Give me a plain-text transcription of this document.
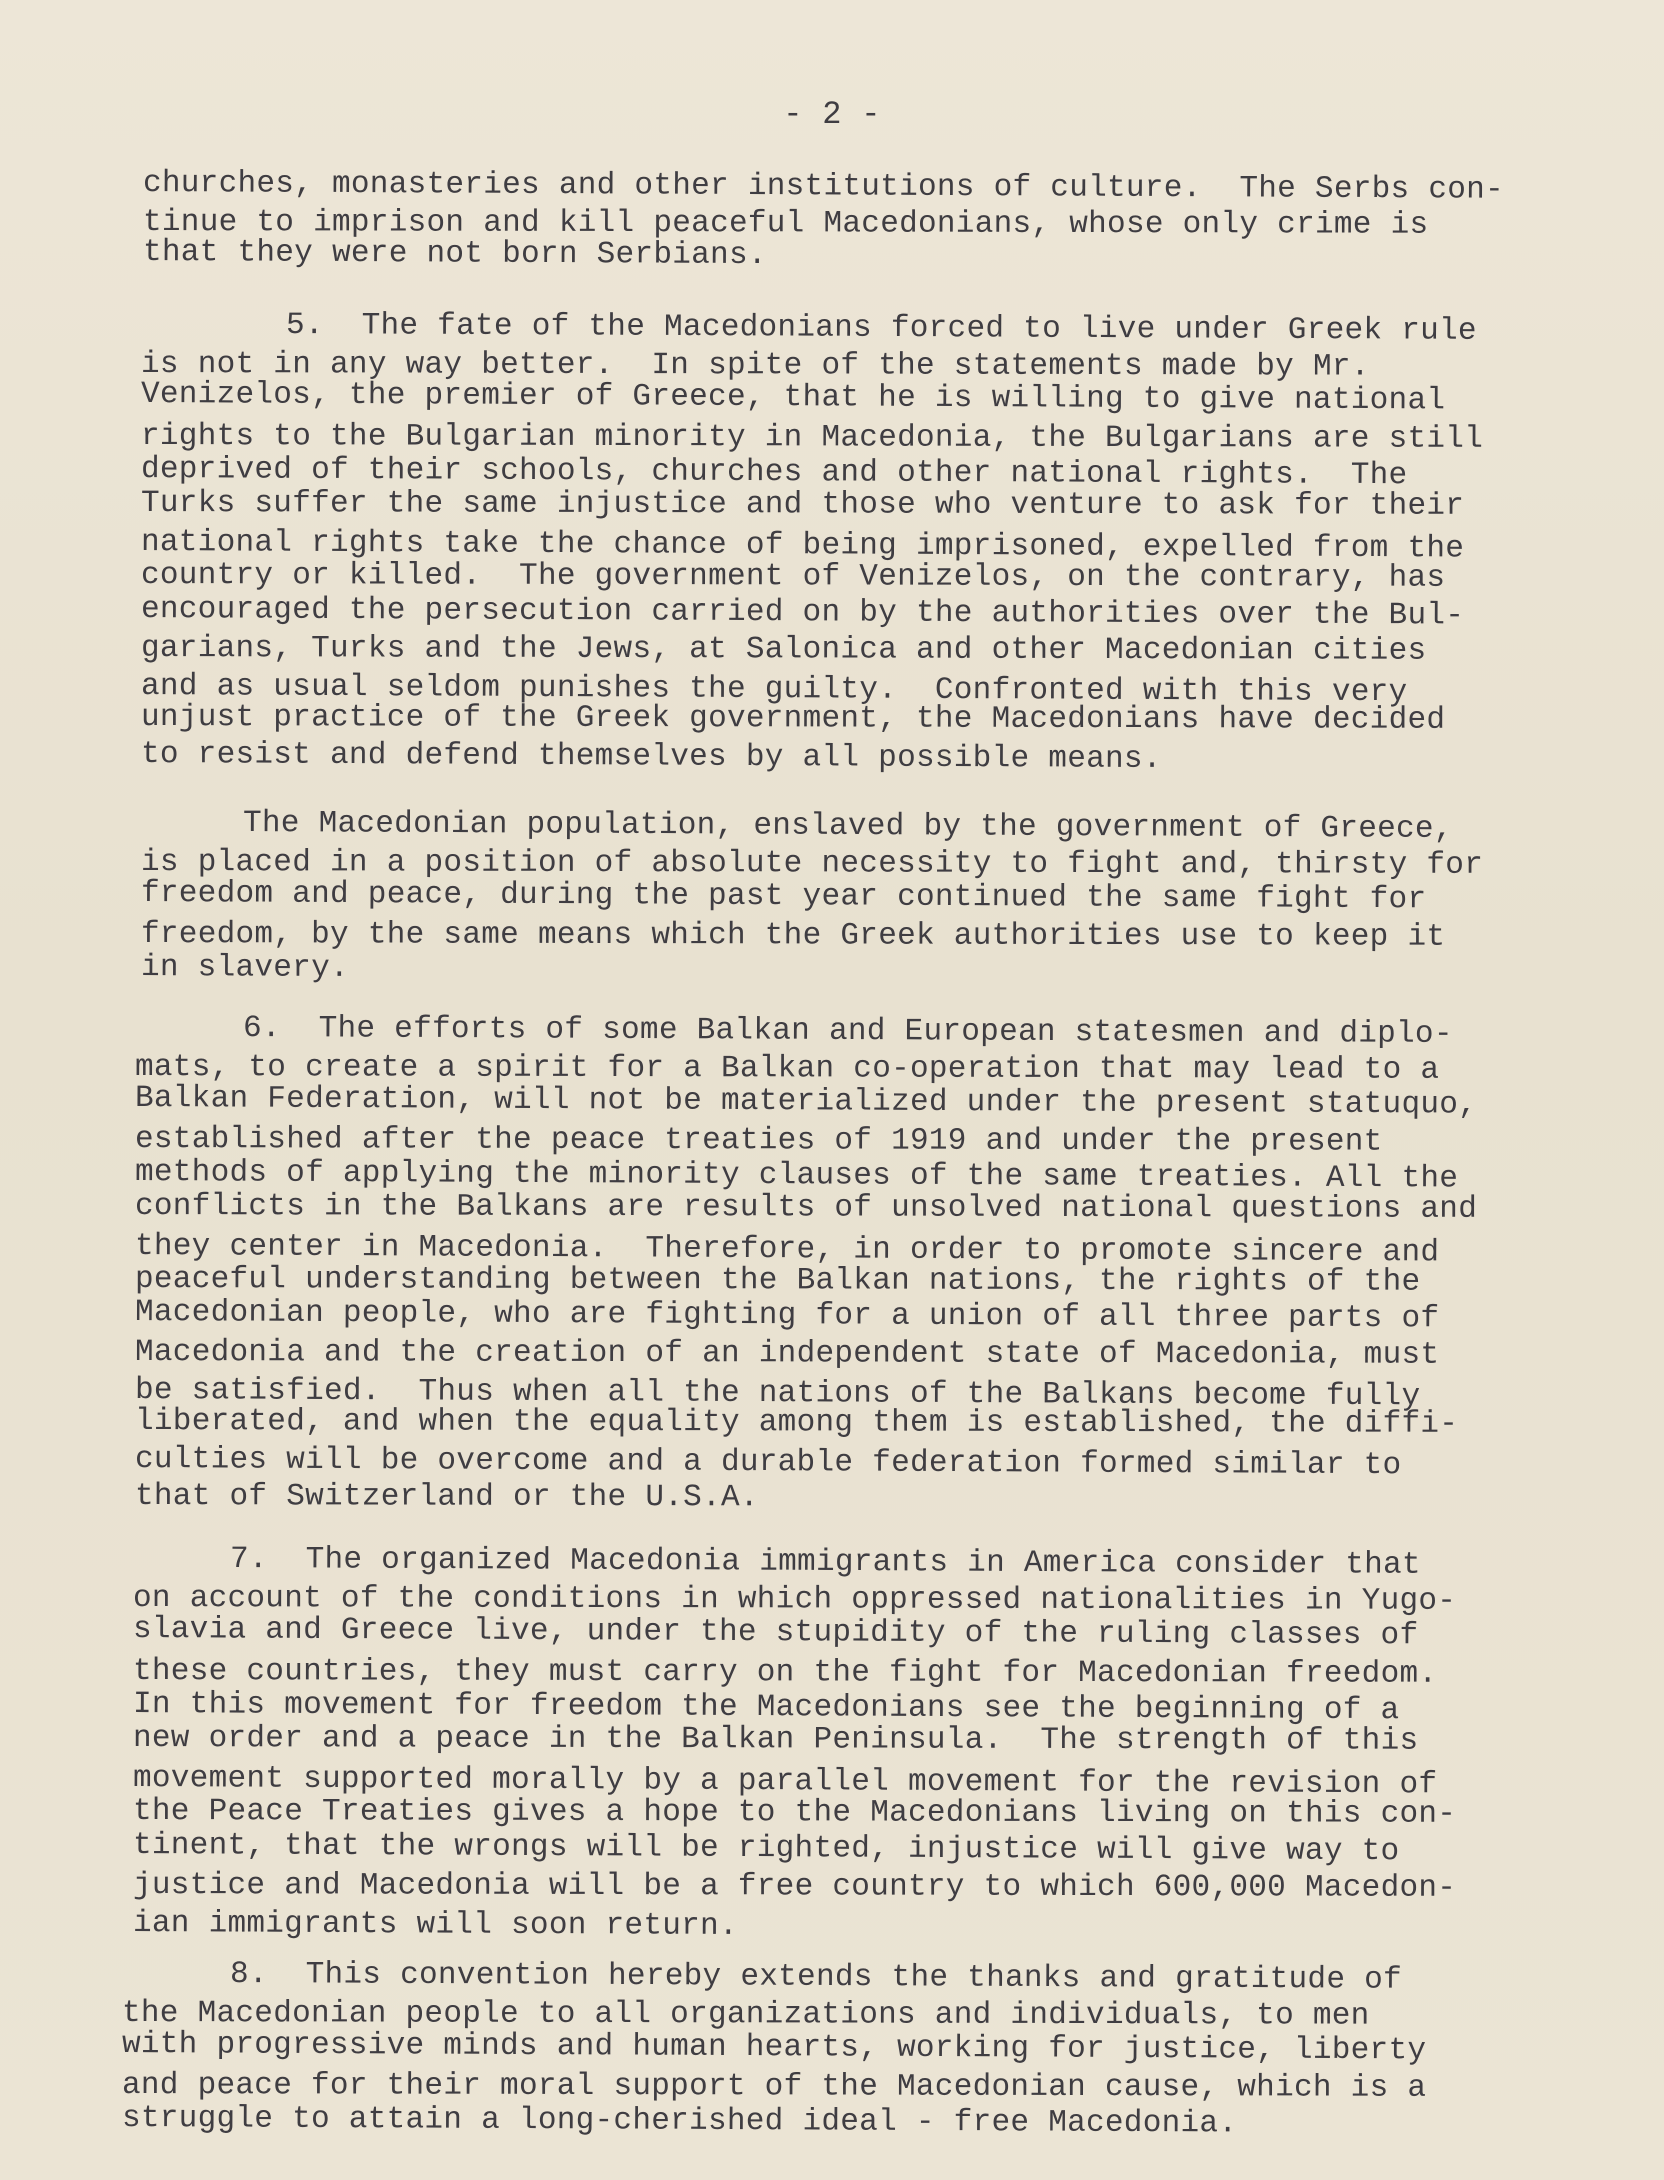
- 2 -
churches, monasteries and other institutions of culture.  The Serbs con-
tinue to imprison and kill peaceful Macedonians, whose only crime is
that they were not born Serbians.
5.  The fate of the Macedonians forced to live under Greek rule
is not in any way better.  In spite of the statements made by Mr.
Venizelos, the premier of Greece, that he is willing to give national
rights to the Bulgarian minority in Macedonia, the Bulgarians are still
deprived of their schools, churches and other national rights.  The
Turks suffer the same injustice and those who venture to ask for their
national rights take the chance of being imprisoned, expelled from the
country or killed.  The government of Venizelos, on the contrary, has
encouraged the persecution carried on by the authorities over the Bul-
garians, Turks and the Jews, at Salonica and other Macedonian cities
and as usual seldom punishes the guilty.  Confronted with this very
unjust practice of the Greek government, the Macedonians have decided
to resist and defend themselves by all possible means.
The Macedonian population, enslaved by the government of Greece,
is placed in a position of absolute necessity to fight and, thirsty for
freedom and peace, during the past year continued the same fight for
freedom, by the same means which the Greek authorities use to keep it
in slavery.
6.  The efforts of some Balkan and European statesmen and diplo-
mats, to create a spirit for a Balkan co-operation that may lead to a
Balkan Federation, will not be materialized under the present statuquo,
established after the peace treaties of 1919 and under the present
methods of applying the minority clauses of the same treaties. All the
conflicts in the Balkans are results of unsolved national questions and
they center in Macedonia.  Therefore, in order to promote sincere and
peaceful understanding between the Balkan nations, the rights of the
Macedonian people, who are fighting for a union of all three parts of
Macedonia and the creation of an independent state of Macedonia, must
be satisfied.  Thus when all the nations of the Balkans become fully
liberated, and when the equality among them is established, the diffi-
culties will be overcome and a durable federation formed similar to
that of Switzerland or the U.S.A.
7.  The organized Macedonia immigrants in America consider that
on account of the conditions in which oppressed nationalities in Yugo-
slavia and Greece live, under the stupidity of the ruling classes of
these countries, they must carry on the fight for Macedonian freedom.
In this movement for freedom the Macedonians see the beginning of a
new order and a peace in the Balkan Peninsula.  The strength of this
movement supported morally by a parallel movement for the revision of
the Peace Treaties gives a hope to the Macedonians living on this con-
tinent, that the wrongs will be righted, injustice will give way to
justice and Macedonia will be a free country to which 600,000 Macedon-
ian immigrants will soon return.
8.  This convention hereby extends the thanks and gratitude of
the Macedonian people to all organizations and individuals, to men
with progressive minds and human hearts, working for justice, liberty
and peace for their moral support of the Macedonian cause, which is a
struggle to attain a long-cherished ideal - free Macedonia.
